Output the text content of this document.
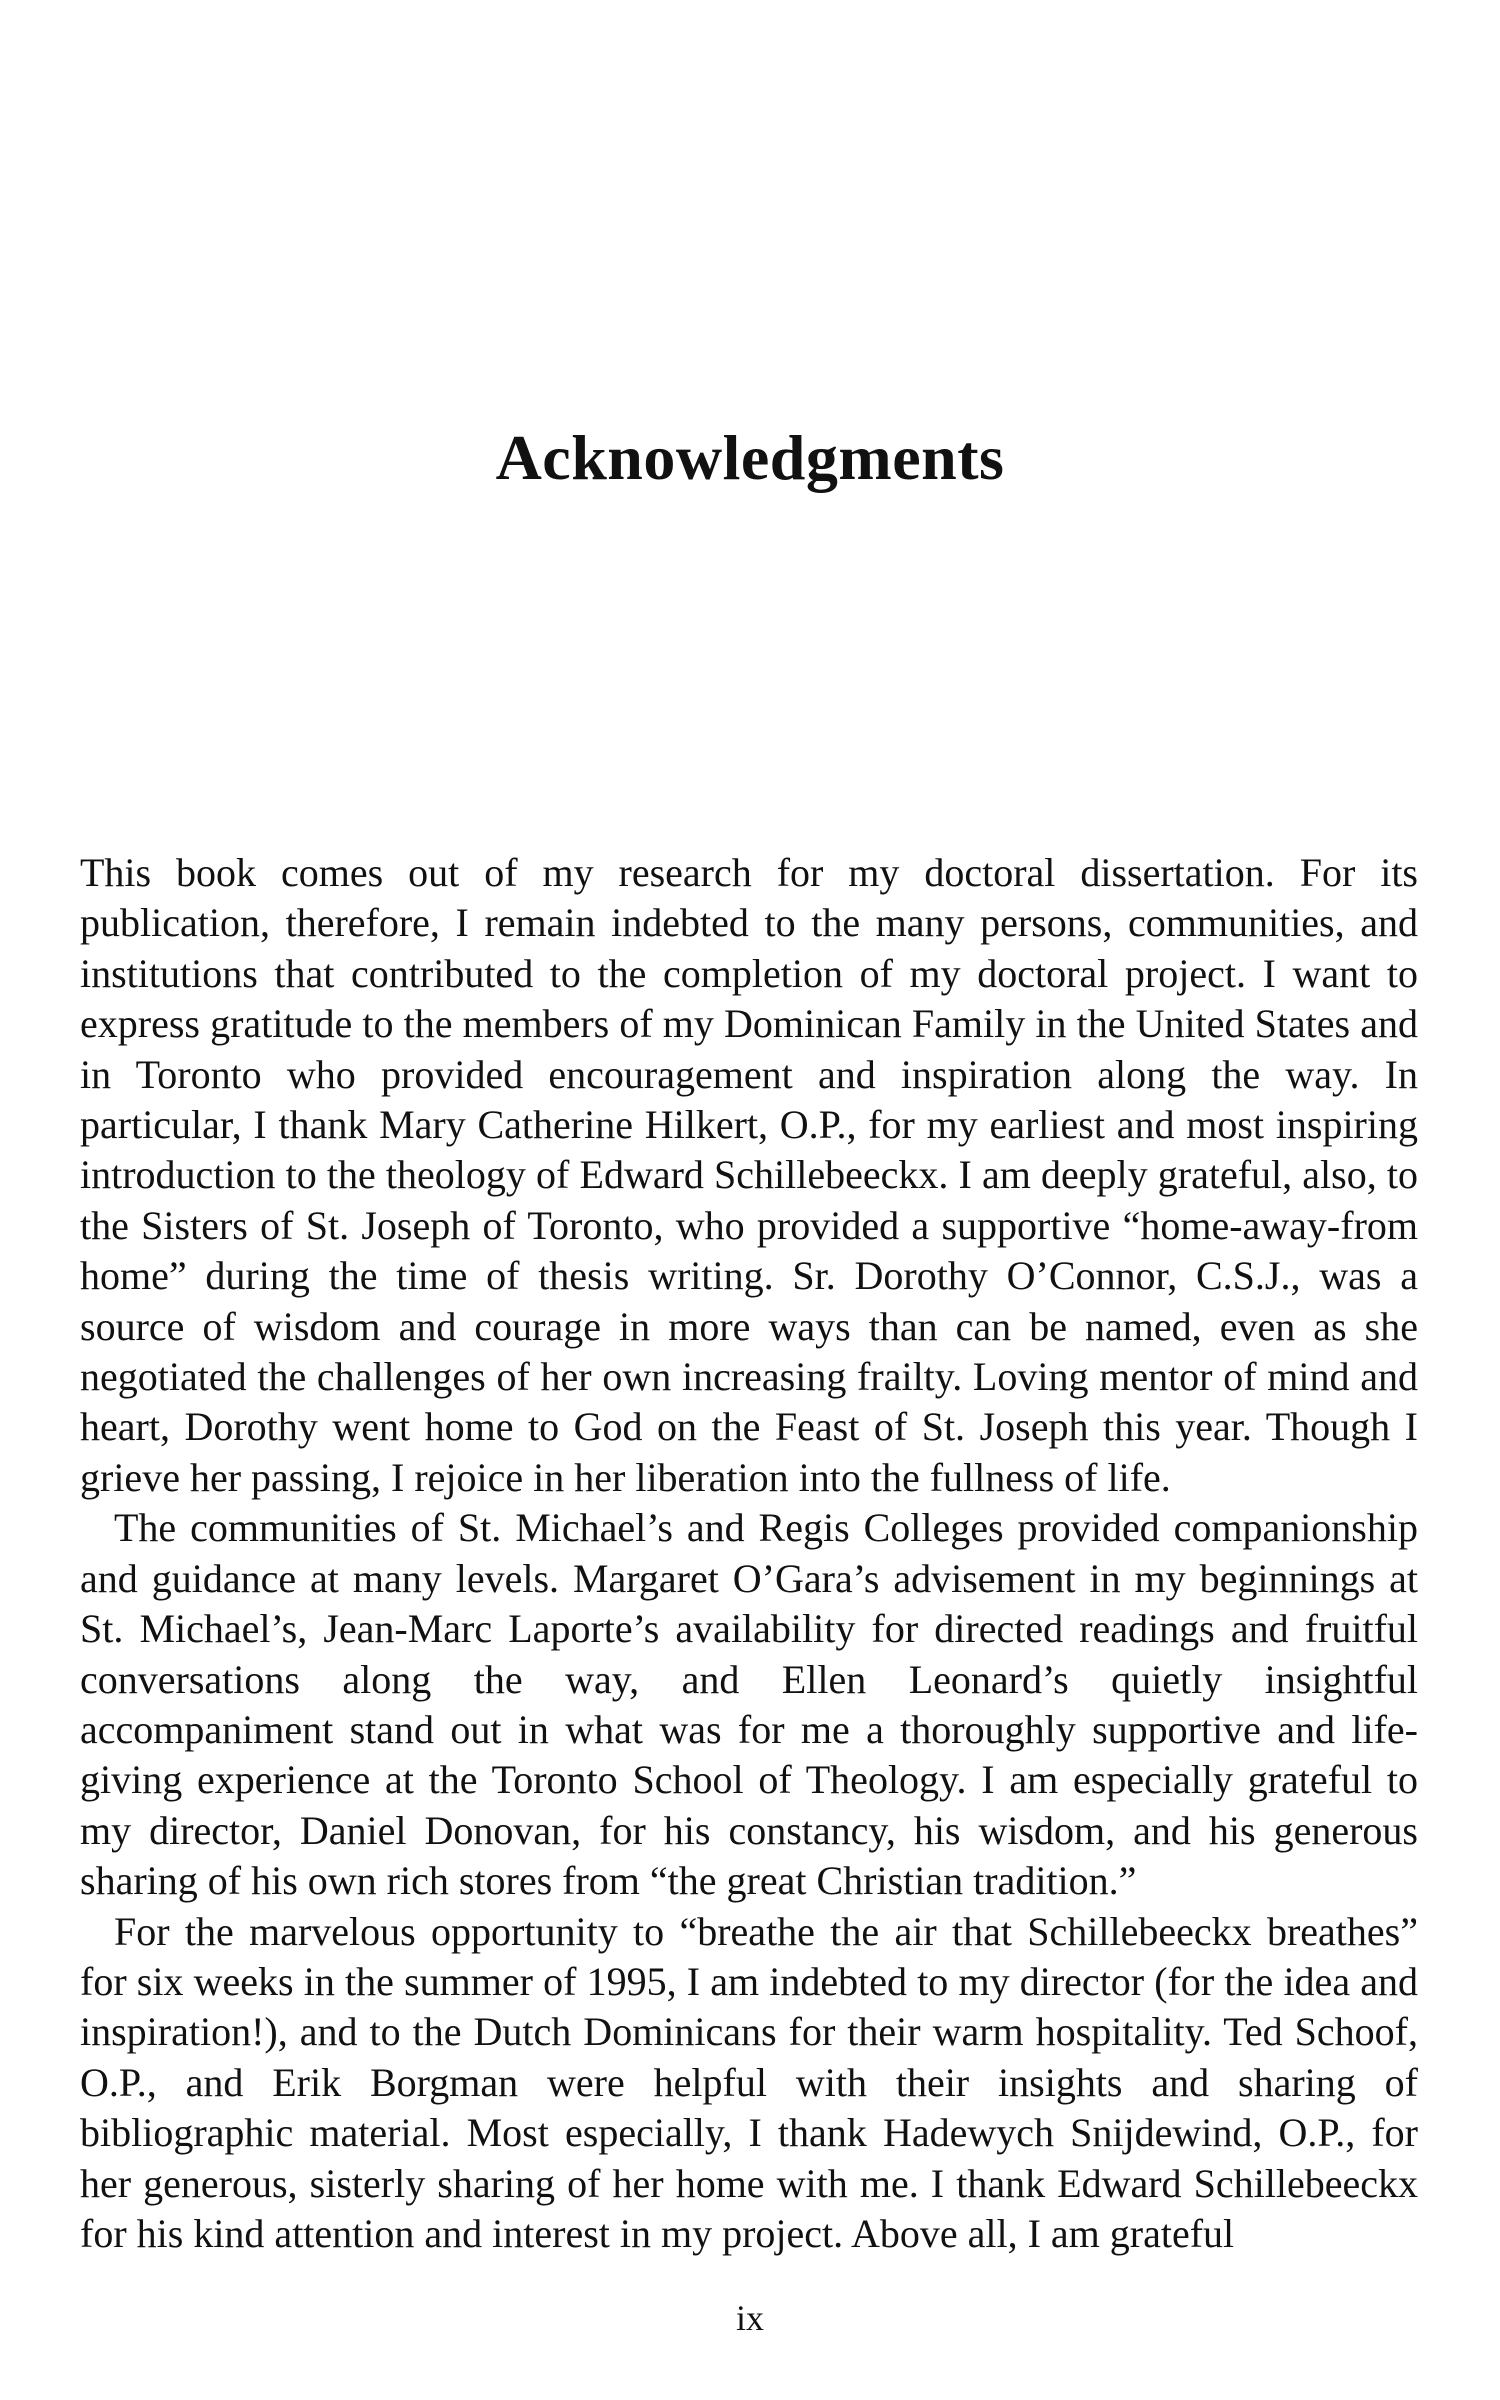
Acknowledgments

This book comes out of my research for my doctoral dissertation. For its publication, therefore, I remain indebted to the many persons, communities, and institutions that contributed to the completion of my doctoral project. I want to express gratitude to the members of my Dominican Family in the United States and in Toronto who provided encouragement and inspiration along the way. In particular, I thank Mary Catherine Hilkert, O.P., for my earliest and most inspiring introduction to the theology of Edward Schillebeeckx. I am deeply grateful, also, to the Sisters of St. Joseph of Toronto, who provided a supportive “home-away-from home” during the time of thesis writing. Sr. Dorothy O’Connor, C.S.J., was a source of wisdom and courage in more ways than can be named, even as she negotiated the challenges of her own increasing frailty. Loving mentor of mind and heart, Dorothy went home to God on the Feast of St. Joseph this year. Though I grieve her passing, I rejoice in her liberation into the fullness of life.

The communities of St. Michael’s and Regis Colleges provided companionship and guidance at many levels. Margaret O’Gara’s advisement in my beginnings at St. Michael’s, Jean-Marc Laporte’s availability for directed readings and fruitful conversations along the way, and Ellen Leonard’s quietly insightful accompaniment stand out in what was for me a thoroughly supportive and life-giving experience at the Toronto School of Theology. I am especially grateful to my director, Daniel Donovan, for his constancy, his wisdom, and his generous sharing of his own rich stores from “the great Christian tradition.”

For the marvelous opportunity to “breathe the air that Schillebeeckx breathes” for six weeks in the summer of 1995, I am indebted to my director (for the idea and inspiration!), and to the Dutch Dominicans for their warm hospitality. Ted Schoof, O.P., and Erik Borgman were helpful with their insights and sharing of bibliographic material. Most especially, I thank Hadewych Snijdewind, O.P., for her generous, sisterly sharing of her home with me. I thank Edward Schillebeeckx for his kind attention and interest in my project. Above all, I am grateful

ix
